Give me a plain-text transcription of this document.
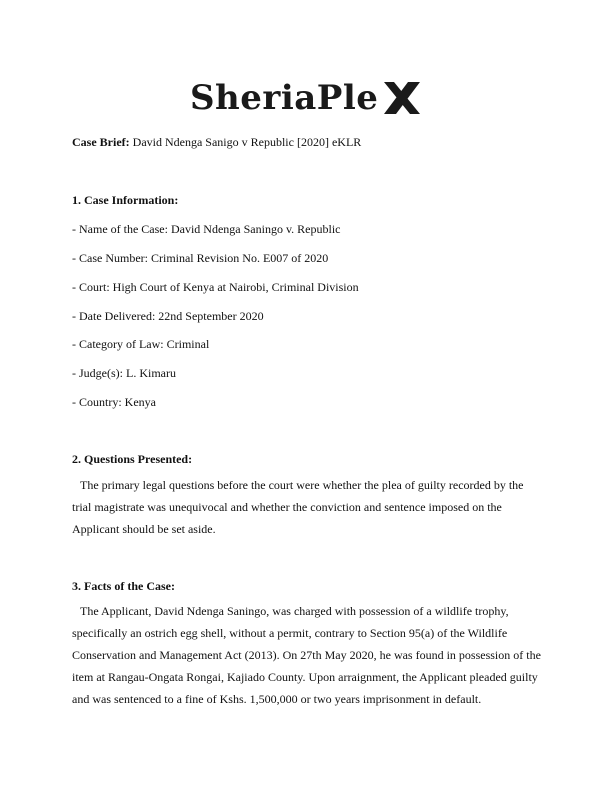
SheriaPle
Case Brief: David Ndenga Sanigo v Republic [2020] eKLR
1. Case Information:
- Name of the Case: David Ndenga Saningo v. Republic
- Case Number: Criminal Revision No. E007 of 2020
- Court: High Court of Kenya at Nairobi, Criminal Division
- Date Delivered: 22nd September 2020
- Category of Law: Criminal
- Judge(s): L. Kimaru
- Country: Kenya
2. Questions Presented:
The primary legal questions before the court were whether the plea of guilty recorded by the trial magistrate was unequivocal and whether the conviction and sentence imposed on the Applicant should be set aside.
3. Facts of the Case:
The Applicant, David Ndenga Saningo, was charged with possession of a wildlife trophy, specifically an ostrich egg shell, without a permit, contrary to Section 95(a) of the Wildlife Conservation and Management Act (2013). On 27th May 2020, he was found in possession of the item at Rangau-Ongata Rongai, Kajiado County. Upon arraignment, the Applicant pleaded guilty and was sentenced to a fine of Kshs. 1,500,000 or two years imprisonment in default.
